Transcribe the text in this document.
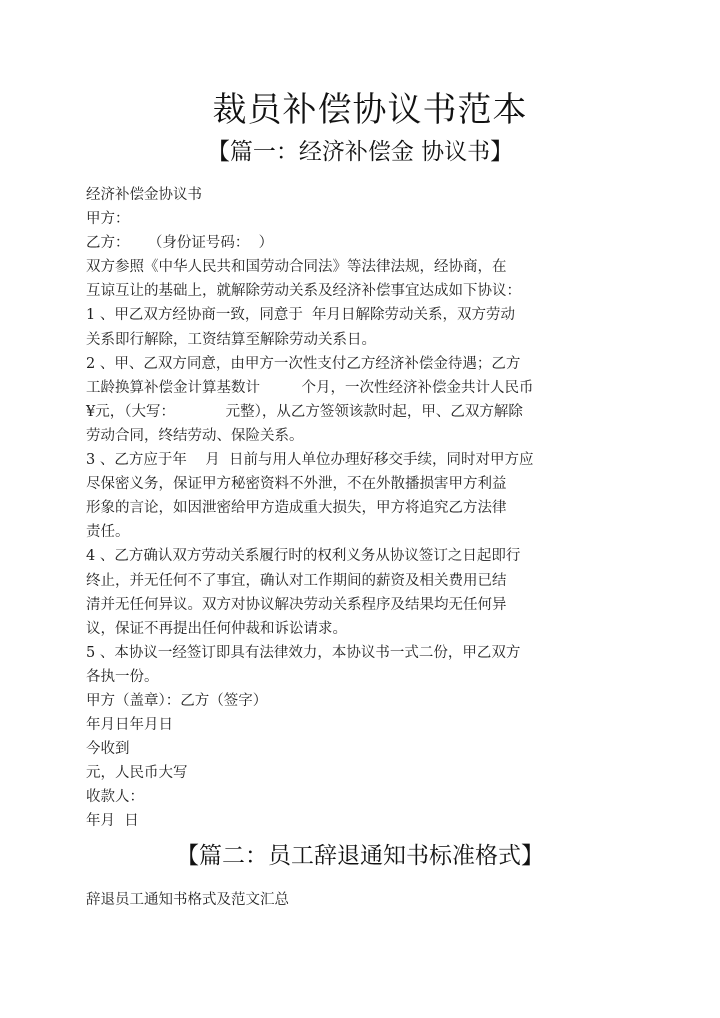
裁员补偿协议书范本
【篇一：经济补偿金 协议书】
经济补偿金协议书
甲方：
乙方：    （身份证号码：  ）
双方参照《中华人民共和国劳动合同法》等法律法规，经协商，在
互谅互让的基础上，就解除劳动关系及经济补偿事宜达成如下协议：
1 、甲乙双方经协商一致，同意于  年月日解除劳动关系，双方劳动
关系即行解除，工资结算至解除劳动关系日。
2 、甲、乙双方同意，由甲方一次性支付乙方经济补偿金待遇；乙方
工龄换算补偿金计算基数计         个月，一次性经济补偿金共计人民币
¥元，（大写：           元整），从乙方签领该款时起，甲、乙双方解除
劳动合同，终结劳动、保险关系。
3 、乙方应于年    月  日前与用人单位办理好移交手续，同时对甲方应
尽保密义务，保证甲方秘密资料不外泄，不在外散播损害甲方利益
形象的言论，如因泄密给甲方造成重大损失，甲方将追究乙方法律
责任。
4 、乙方确认双方劳动关系履行时的权利义务从协议签订之日起即行
终止，并无任何不了事宜，确认对工作期间的薪资及相关费用已结
清并无任何异议。双方对协议解决劳动关系程序及结果均无任何异
议，保证不再提出任何仲裁和诉讼请求。
5 、本协议一经签订即具有法律效力，本协议书一式二份，甲乙双方
各执一份。
甲方（盖章）：乙方（签字）
年月日年月日
今收到
元，人民币大写
收款人：
年月  日
【篇二：员工辞退通知书标准格式】
辞退员工通知书格式及范文汇总
